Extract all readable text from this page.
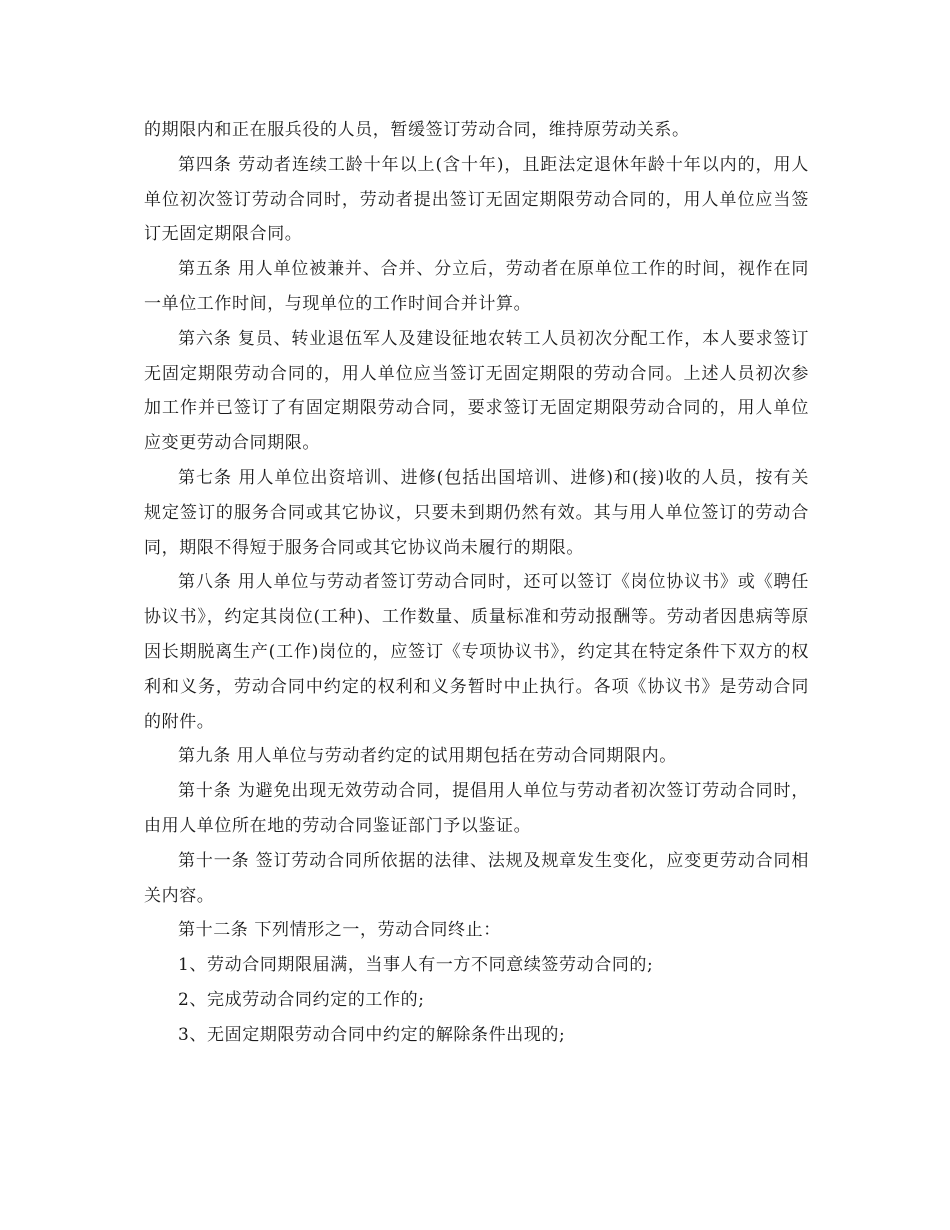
的期限内和正在服兵役的人员，暂缓签订劳动合同，维持原劳动关系。

第四条 劳动者连续工龄十年以上(含十年)，且距法定退休年龄十年以内的，用人单位初次签订劳动合同时，劳动者提出签订无固定期限劳动合同的，用人单位应当签订无固定期限合同。

第五条 用人单位被兼并、合并、分立后，劳动者在原单位工作的时间，视作在同一单位工作时间，与现单位的工作时间合并计算。

第六条 复员、转业退伍军人及建设征地农转工人员初次分配工作，本人要求签订无固定期限劳动合同的，用人单位应当签订无固定期限的劳动合同。上述人员初次参加工作并已签订了有固定期限劳动合同，要求签订无固定期限劳动合同的，用人单位应变更劳动合同期限。

第七条 用人单位出资培训、进修(包括出国培训、进修)和(接)收的人员，按有关规定签订的服务合同或其它协议，只要未到期仍然有效。其与用人单位签订的劳动合同，期限不得短于服务合同或其它协议尚未履行的期限。

第八条 用人单位与劳动者签订劳动合同时，还可以签订《岗位协议书》或《聘任协议书》，约定其岗位(工种)、工作数量、质量标准和劳动报酬等。劳动者因患病等原因长期脱离生产(工作)岗位的，应签订《专项协议书》，约定其在特定条件下双方的权利和义务，劳动合同中约定的权利和义务暂时中止执行。各项《协议书》是劳动合同的附件。

第九条 用人单位与劳动者约定的试用期包括在劳动合同期限内。

第十条 为避免出现无效劳动合同，提倡用人单位与劳动者初次签订劳动合同时，由用人单位所在地的劳动合同鉴证部门予以鉴证。

第十一条 签订劳动合同所依据的法律、法规及规章发生变化，应变更劳动合同相关内容。

第十二条 下列情形之一，劳动合同终止：

1、劳动合同期限届满，当事人有一方不同意续签劳动合同的;

2、完成劳动合同约定的工作的;

3、无固定期限劳动合同中约定的解除条件出现的;
